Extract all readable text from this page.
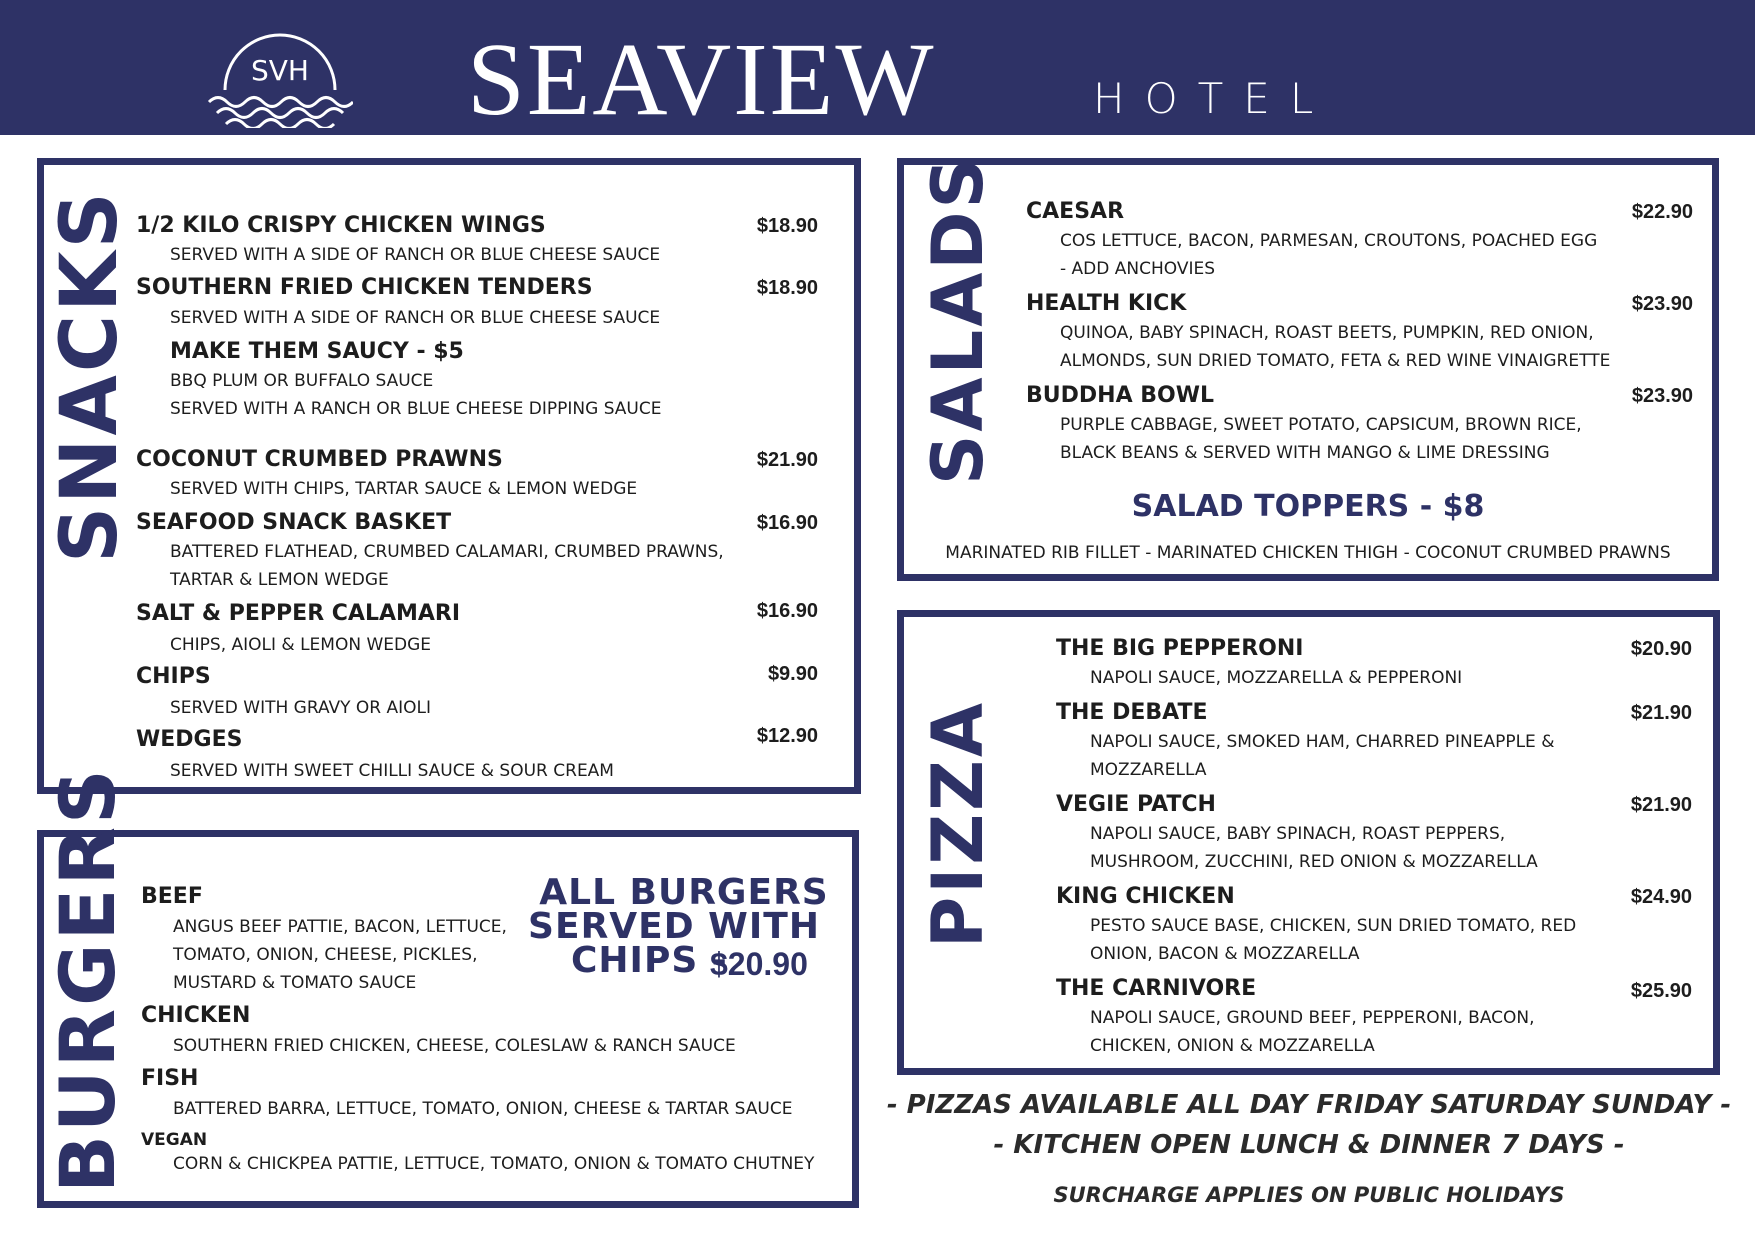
SVH SEAVIEW	HOTEL
SNACKS 1/2 KILO CRISPY CHICKEN WINGS	$18.90
SERVED WITH A SIDE OF RANCH OR BLUE CHEESE SAUCE
SOUTHERN FRIED CHICKEN TENDERS	$18.90
SERVED WITH A SIDE OF RANCH OR BLUE CHEESE SAUCE
MAKE THEM SAUCY - $5
BBQ PLUM OR BUFFALO SAUCE
SERVED WITH A RANCH OR BLUE CHEESE DIPPING SAUCE
COCONUT CRUMBED PRAWNS	$21.90
SERVED WITH CHIPS, TARTAR SAUCE & LEMON WEDGE
SEAFOOD SNACK BASKET	$16.90
BATTERED FLATHEAD, CRUMBED CALAMARI, CRUMBED PRAWNS,
TARTAR & LEMON WEDGE
SALT & PEPPER CALAMARI	$16.90
CHIPS, AIOLI & LEMON WEDGE
CHIPS	$9.90
SERVED WITH GRAVY OR AIOLI
WEDGES	$12.90
SERVED WITH SWEET CHILLI SAUCE & SOUR CREAM
BURGERS BEEF
ANGUS BEEF PATTIE, BACON, LETTUCE,
TOMATO, ONION, CHEESE, PICKLES,
MUSTARD & TOMATO SAUCE
CHICKEN
SOUTHERN FRIED CHICKEN, CHEESE, COLESLAW & RANCH SAUCE
FISH
BATTERED BARRA, LETTUCE, TOMATO, ONION, CHEESE & TARTAR SAUCE
VEGAN
CORN & CHICKPEA PATTIE, LETTUCE, TOMATO, ONION & TOMATO CHUTNEY
ALL BURGERS
SERVED WITH
CHIPS -
$20.90
SALADS CAESAR	$22.90
COS LETTUCE, BACON, PARMESAN, CROUTONS, POACHED EGG
- ADD ANCHOVIES
HEALTH KICK	$23.90
QUINOA, BABY SPINACH, ROAST BEETS, PUMPKIN, RED ONION,
ALMONDS, SUN DRIED TOMATO, FETA & RED WINE VINAIGRETTE
BUDDHA BOWL	$23.90
PURPLE CABBAGE, SWEET POTATO, CAPSICUM, BROWN RICE,
BLACK BEANS & SERVED WITH MANGO & LIME DRESSING
SALAD TOPPERS - $8
MARINATED RIB FILLET - MARINATED CHICKEN THIGH - COCONUT CRUMBED PRAWNS
PIZZA
THE BIG PEPPERONI	$20.90
NAPOLI SAUCE, MOZZARELLA & PEPPERONI
THE DEBATE	$21.90
NAPOLI SAUCE, SMOKED HAM, CHARRED PINEAPPLE &
MOZZARELLA
VEGIE PATCH	$21.90
NAPOLI SAUCE, BABY SPINACH, ROAST PEPPERS,
MUSHROOM, ZUCCHINI, RED ONION & MOZZARELLA
KING CHICKEN	$24.90
PESTO SAUCE BASE, CHICKEN, SUN DRIED TOMATO, RED
ONION, BACON & MOZZARELLA
THE CARNIVORE	$25.90
NAPOLI SAUCE, GROUND BEEF, PEPPERONI, BACON,
CHICKEN, ONION & MOZZARELLA
- PIZZAS AVAILABLE ALL DAY FRIDAY SATURDAY SUNDAY -
- KITCHEN OPEN LUNCH & DINNER 7 DAYS -
SURCHARGE APPLIES ON PUBLIC HOLIDAYS
